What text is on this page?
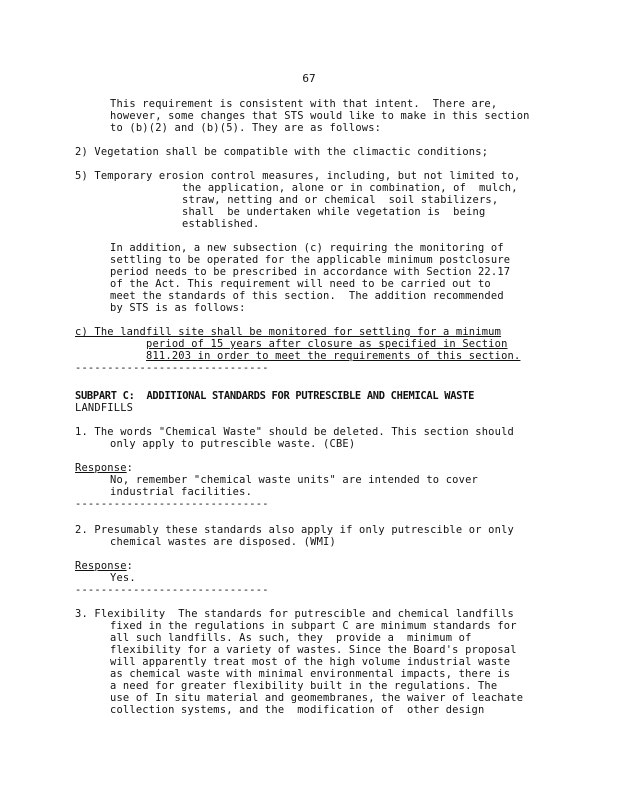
67
This requirement is consistent with that intent.  There are,
however, some changes that STS would like to make in this section
to (b)(2) and (b)(5). They are as follows:
2) Vegetation shall be compatible with the climactic conditions;
5) Temporary erosion control measures, including, but not limited to,
the application, alone or in combination, of  mulch,
straw, netting and or chemical  soil stabilizers,
shall  be undertaken while vegetation is  being
established.
In addition, a new subsection (c) requiring the monitoring of
settling to be operated for the applicable minimum postclosure
period needs to be prescribed in accordance with Section 22.17
of the Act. This requirement will need to be carried out to
meet the standards of this section.  The addition recommended
by STS is as follows:
c) The landfill site shall be monitored for settling for a minimum
period of 15 years after closure as specified in Section
811.203 in order to meet the requirements of this section.
------------------------------
SUBPART C:  ADDITIONAL STANDARDS FOR PUTRESCIBLE AND CHEMICAL WASTE
LANDFILLS
1. The words "Chemical Waste" should be deleted. This section should
only apply to putrescible waste. (CBE)
Response:
No, remember "chemical waste units" are intended to cover
industrial facilities.
------------------------------
2. Presumably these standards also apply if only putrescible or only
chemical wastes are disposed. (WMI)
Response:
Yes.
------------------------------
3. Flexibility  The standards for putrescible and chemical landfills
fixed in the regulations in subpart C are minimum standards for
all such landfills. As such, they  provide a  minimum of
flexibility for a variety of wastes. Since the Board's proposal
will apparently treat most of the high volume industrial waste
as chemical waste with minimal environmental impacts, there is
a need for greater flexibility built in the regulations. The
use of In situ material and geomembranes, the waiver of leachate
collection systems, and the  modification of  other design
